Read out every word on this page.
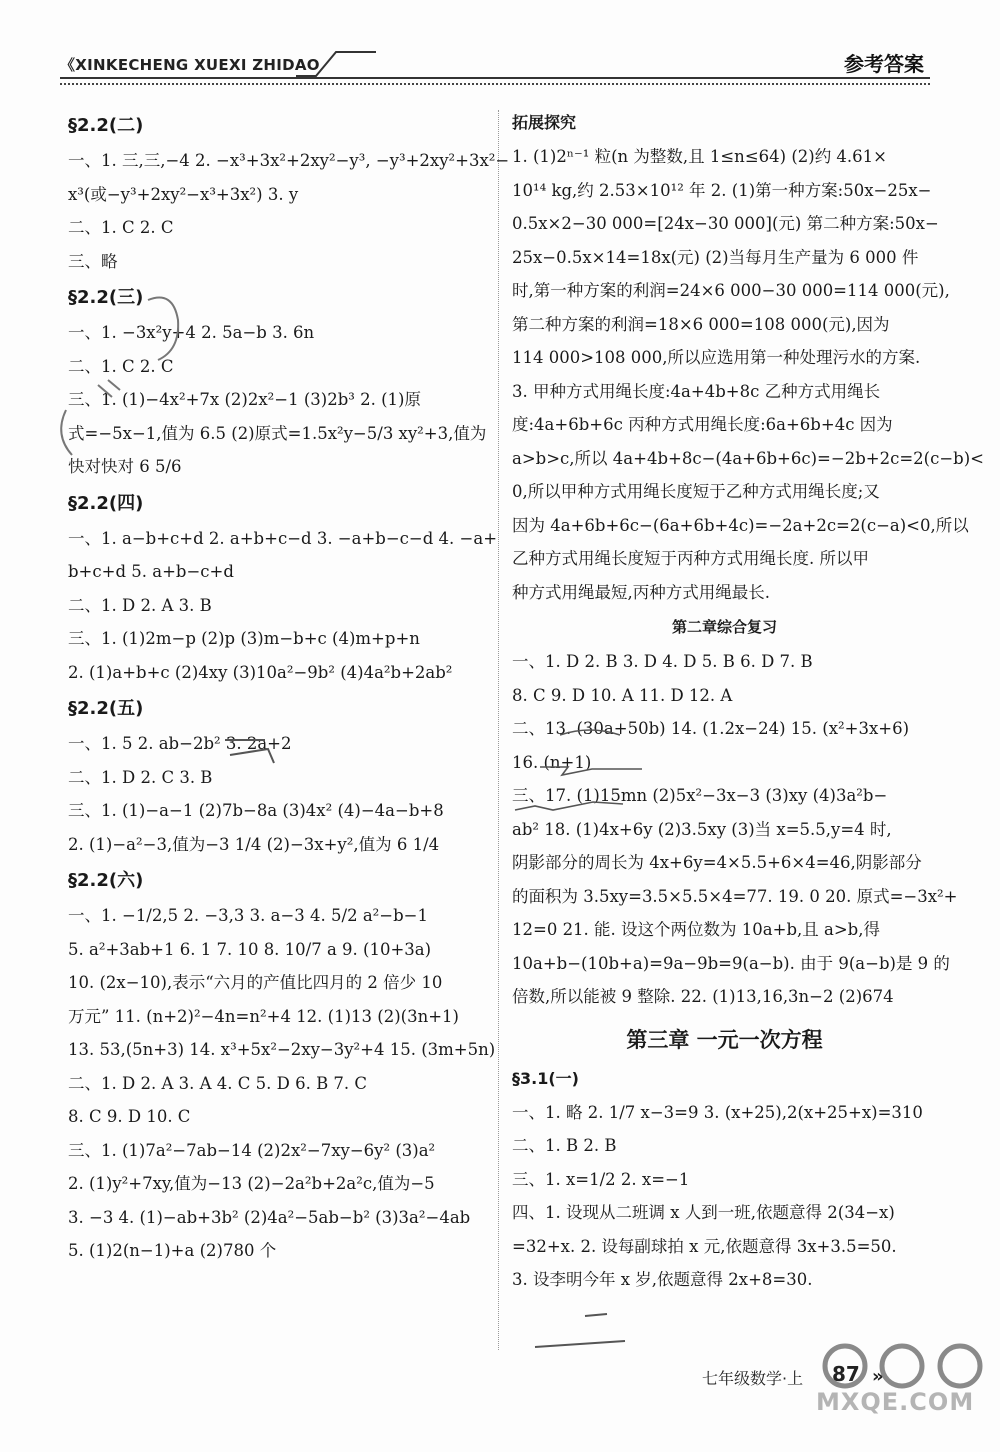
《XINKECHENG XUEXI ZHIDAO	参考答案
§2.2(二)
一、1. 三,三,−4 2. −x³+3x²+2xy²−y³, −y³+2xy²+3x²−
x³(或−y³+2xy²−x³+3x²) 3. y
二、1. C 2. C
三、略
§2.2(三)
一、1. −3x²y+4 2. 5a−b 3. 6n
二、1. C 2. C
三、1. (1)−4x²+7x (2)2x²−1 (3)2b³ 2. (1)原
式=−5x−1,值为 6.5 (2)原式=1.5x²y−5/3 xy²+3,值为
快对快对 6 5/6
§2.2(四)
一、1. a−b+c+d 2. a+b+c−d 3. −a+b−c−d 4. −a+
b+c+d 5. a+b−c+d
二、1. D 2. A 3. B
三、1. (1)2m−p (2)p (3)m−b+c (4)m+p+n
2. (1)a+b+c (2)4xy (3)10a²−9b² (4)4a²b+2ab²
§2.2(五)
一、1. 5 2. ab−2b² 3. 2a+2
二、1. D 2. C 3. B
三、1. (1)−a−1 (2)7b−8a (3)4x² (4)−4a−b+8
2. (1)−a²−3,值为−3 1/4 (2)−3x+y²,值为 6 1/4
§2.2(六)
一、1. −1/2,5 2. −3,3 3. a−3 4. 5/2 a²−b−1
5. a²+3ab+1 6. 1 7. 10 8. 10/7 a 9. (10+3a)
10. (2x−10),表示“六月的产值比四月的 2 倍少 10
万元” 11. (n+2)²−4n=n²+4 12. (1)13 (2)(3n+1)
13. 53,(5n+3) 14. x³+5x²−2xy−3y²+4 15. (3m+5n)
二、1. D 2. A 3. A 4. C 5. D 6. B 7. C
8. C 9. D 10. C
三、1. (1)7a²−7ab−14 (2)2x²−7xy−6y² (3)a²
2. (1)y²+7xy,值为−13 (2)−2a²b+2a²c,值为−5
3. −3 4. (1)−ab+3b² (2)4a²−5ab−b² (3)3a²−4ab
5. (1)2(n−1)+a (2)780 个
拓展探究
1. (1)2ⁿ⁻¹ 粒(n 为整数,且 1≤n≤64) (2)约 4.61×
10¹⁴ kg,约 2.53×10¹² 年 2. (1)第一种方案:50x−25x−
0.5x×2−30 000=[24x−30 000](元) 第二种方案:50x−
25x−0.5x×14=18x(元) (2)当每月生产量为 6 000 件
时,第一种方案的利润=24×6 000−30 000=114 000(元),
第二种方案的利润=18×6 000=108 000(元),因为
114 000>108 000,所以应选用第一种处理污水的方案.
3. 甲种方式用绳长度:4a+4b+8c 乙种方式用绳长
度:4a+6b+6c 丙种方式用绳长度:6a+6b+4c 因为
a>b>c,所以 4a+4b+8c−(4a+6b+6c)=−2b+2c=2(c−b)<
0,所以甲种方式用绳长度短于乙种方式用绳长度;又
因为 4a+6b+6c−(6a+6b+4c)=−2a+2c=2(c−a)<0,所以
乙种方式用绳长度短于丙种方式用绳长度. 所以甲
种方式用绳最短,丙种方式用绳最长.
第二章综合复习
一、1. D 2. B 3. D 4. D 5. B 6. D 7. B
8. C 9. D 10. A 11. D 12. A
二、13. (30a+50b) 14. (1.2x−24) 15. (x²+3x+6)
16. (n+1)
三、17. (1)15mn (2)5x²−3x−3 (3)xy (4)3a²b−
ab² 18. (1)4x+6y (2)3.5xy (3)当 x=5.5,y=4 时,
阴影部分的周长为 4x+6y=4×5.5+6×4=46,阴影部分
的面积为 3.5xy=3.5×5.5×4=77. 19. 0 20. 原式=−3x²+
12=0 21. 能. 设这个两位数为 10a+b,且 a>b,得
10a+b−(10b+a)=9a−9b=9(a−b). 由于 9(a−b)是 9 的
倍数,所以能被 9 整除. 22. (1)13,16,3n−2 (2)674
第三章 一元一次方程
§3.1(一)
一、1. 略 2. 1/7 x−3=9 3. (x+25),2(x+25+x)=310
二、1. B 2. B
三、1. x=1/2 2. x=−1
四、1. 设现从二班调 x 人到一班,依题意得 2(34−x)
=32+x. 2. 设每副球拍 x 元,依题意得 3x+3.5=50.
3. 设李明今年 x 岁,依题意得 2x+8=30.
七年级数学·上 87 »
MXQE.COM
